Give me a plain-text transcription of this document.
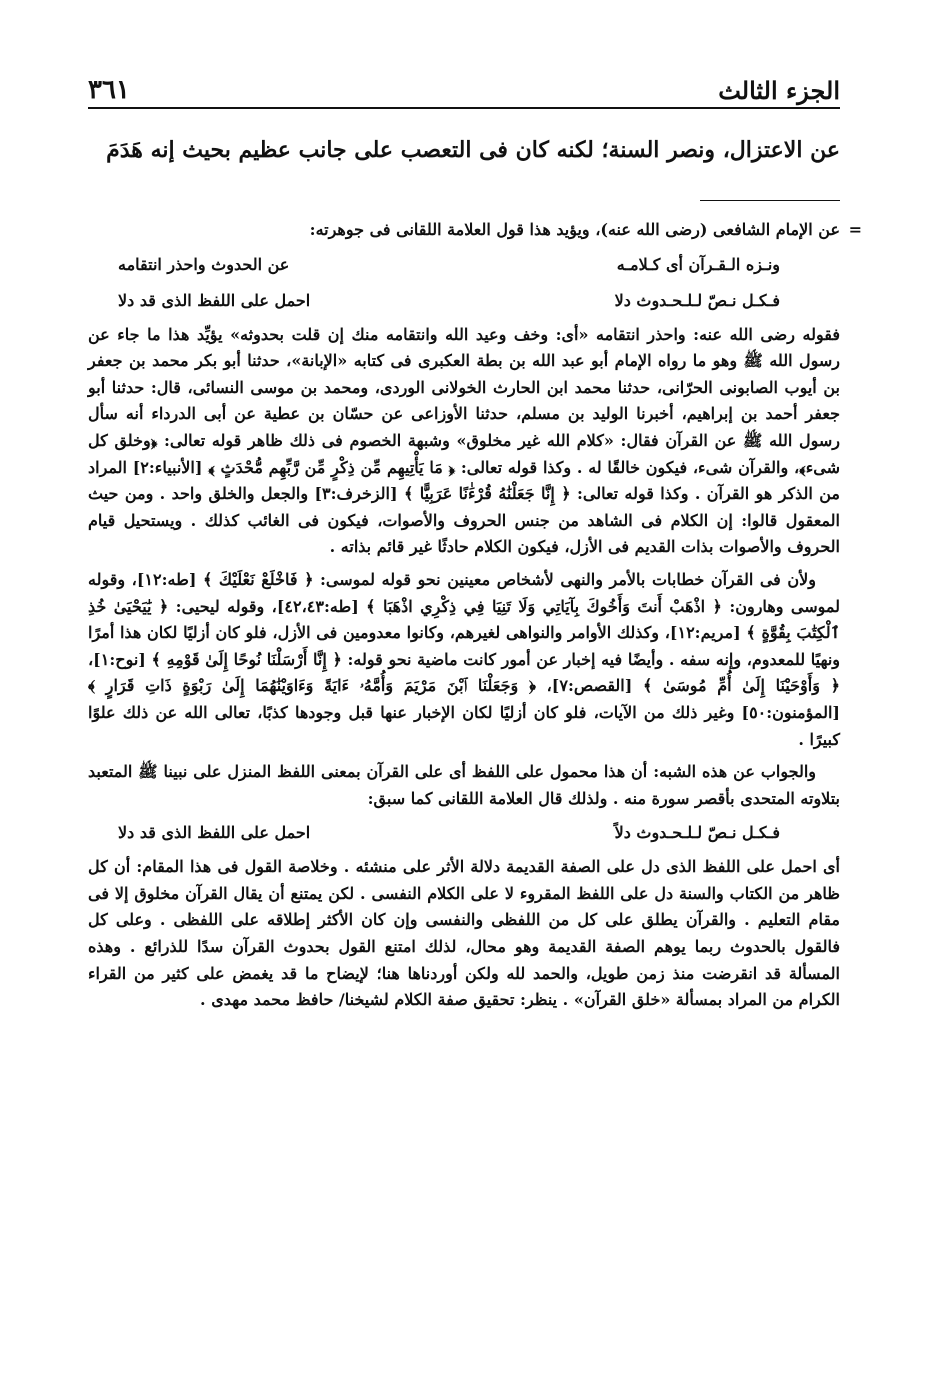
الجزء الثالث
٣٦١
عن الاعتزال، ونصر السنة؛ لكنه كان فى التعصب على جانب عظيم بحيث إنه هَدَمَ

=
عن الإمام الشافعى (رضى الله عنه)، ويؤيد هذا قول العلامة اللقانى فى جوهرته:

ونـزه الـقـرآن أى كـلامـه
عن الحدوث واحذر انتقامه
فـكـل نـصّ لـلـحـدوث دلا
احمل على اللفظ الذى قد دلا

فقوله رضى الله عنه: واحذر انتقامه «أى: وخف وعيد الله وانتقامه منك إن قلت بحدوثه» يؤيِّد هذا ما جاء عن رسول الله ﷺ وهو ما رواه الإمام أبو عبد الله بن بطة العكبرى فى كتابه «الإبانة»، حدثنا أبو بكر محمد بن جعفر بن أيوب الصابونى الحرّانى، حدثنا محمد ابن الحارث الخولانى الوردى، ومحمد بن موسى النسائى، قال: حدثنا أبو جعفر أحمد بن إبراهيم، أخبرنا الوليد بن مسلم، حدثنا الأوزاعى عن حسّان بن عطية عن أبى الدرداء أنه سأل رسول الله ﷺ عن القرآن فقال: «كلام الله غير مخلوق» وشبهة الخصوم فى ذلك ظاهر قوله تعالى: ﴿وخلق كل شىء﴾، والقرآن شىء، فيكون خالقًا له . وكذا قوله تعالى: ﴿ مَا يَأْتِيهِم مِّن ذِكْرٍ مِّن رَّبِّهِم مُّحْدَثٍ ﴾ [الأنبياء:٢] المراد من الذكر هو القرآن . وكذا قوله تعالى: ﴿ إِنَّا جَعَلْنَٰهُ قُرْءَٰنًا عَرَبِيًّا ﴾ [الزخرف:٣] والجعل والخلق واحد . ومن حيث المعقول قالوا: إن الكلام فى الشاهد من جنس الحروف والأصوات، فيكون فى الغائب كذلك . ويستحيل قيام الحروف والأصوات بذات القديم فى الأزل، فيكون الكلام حادثًا غير قائم بذاته .

ولأن فى القرآن خطابات بالأمر والنهى لأشخاص معينين نحو قوله لموسى: ﴿ فَاخْلَعْ نَعْلَيْكَ ﴾ [طه:١٢]، وقوله لموسى وهارون: ﴿ اذْهَبْ أَنتَ وَأَخُوكَ بِآيَاتِي وَلَا تَنِيَا فِي ذِكْرِي اذْهَبَا ﴾ [طه:٤٢،٤٣]، وقوله ليحيى: ﴿ يَٰيَحْيَىٰ خُذِ ٱلْكِتَٰبَ بِقُوَّةٍ ﴾ [مريم:١٢]، وكذلك الأوامر والنواهى لغيرهم، وكانوا معدومين فى الأزل، فلو كان أزليًا لكان هذا أمرًا ونهيًا للمعدوم، وإنه سفه . وأيضًا فيه إخبار عن أمور كانت ماضية نحو قوله: ﴿ إِنَّا أَرْسَلْنَا نُوحًا إِلَىٰ قَوْمِهِ ﴾ [نوح:١]، ﴿ وَأَوْحَيْنَا إِلَىٰ أُمِّ مُوسَىٰ ﴾ [القصص:٧]، ﴿ وَجَعَلْنَا ٱبْنَ مَرْيَمَ وَأُمَّهُۥ ءَايَةً وَءَاوَيْنَٰهُمَا إِلَىٰ رَبْوَةٍ ذَاتِ قَرَارٍ ﴾ [المؤمنون:٥٠] وغير ذلك من الآيات، فلو كان أزليًا لكان الإخبار عنها قبل وجودها كذبًا، تعالى الله عن ذلك علوًا كبيرًا .

والجواب عن هذه الشبه: أن هذا محمول على اللفظ أى على القرآن بمعنى اللفظ المنزل على نبينا ﷺ المتعبد بتلاوته المتحدى بأقصر سورة منه . ولذلك قال العلامة اللقانى كما سبق:

فـكـل نـصّ لـلـحـدوث دلاً
احمل على اللفظ الذى قد دلا

أى احمل على اللفظ الذى دل على الصفة القديمة دلالة الأثر على منشئه . وخلاصة القول فى هذا المقام: أن كل ظاهر من الكتاب والسنة دل على اللفظ المقروء لا على الكلام النفسى . لكن يمتنع أن يقال القرآن مخلوق إلا فى مقام التعليم . والقرآن يطلق على كل من اللفظى والنفسى وإن كان الأكثر إطلاقه على اللفظى . وعلى كل فالقول بالحدوث ربما يوهم الصفة القديمة وهو محال، لذلك امتنع القول بحدوث القرآن سدًا للذرائع . وهذه المسألة قد انقرضت منذ زمن طويل، والحمد لله ولكن أوردناها هنا؛ لإيضاح ما قد يغمض على كثير من القراء الكرام من المراد بمسألة «خلق القرآن» . ينظر: تحقيق صفة الكلام لشيخنا/ حافظ محمد مهدى .
